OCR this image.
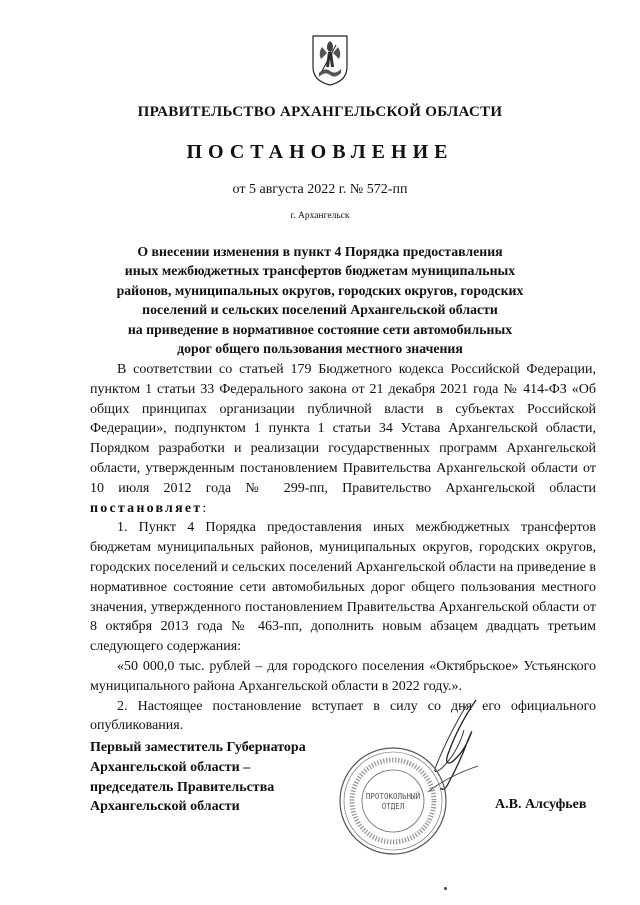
ПРАВИТЕЛЬСТВО АРХАНГЕЛЬСКОЙ ОБЛАСТИ
ПОСТАНОВЛЕНИЕ
от 5 августа 2022 г. № 572-пп
г. Архангельск
О внесении изменения в пункт 4 Порядка предоставления
иных межбюджетных трансфертов бюджетам муниципальных
районов, муниципальных округов, городских округов, городских
поселений и сельских поселений Архангельской области
на приведение в нормативное состояние сети автомобильных
дорог общего пользования местного значения

В соответствии со статьей 179 Бюджетного кодекса Российской Федерации, пунктом 1 статьи 33 Федерального закона от 21 декабря 2021 года № 414-ФЗ «Об общих принципах организации публичной власти в субъектах Российской Федерации», подпунктом 1 пункта 1 статьи 34 Устава Архангельской области, Порядком разработки и реализации государственных программ Архангельской области, утвержденным постановлением Правительства Архангельской области от 10 июля 2012 года № 299-пп, Правительство Архангельской области постановляет:

1. Пункт 4 Порядка предоставления иных межбюджетных трансфертов бюджетам муниципальных районов, муниципальных округов, городских округов, городских поселений и сельских поселений Архангельской области на приведение в нормативное состояние сети автомобильных дорог общего пользования местного значения, утвержденного постановлением Правительства Архангельской области от 8 октября 2013 года № 463-пп, дополнить новым абзацем двадцать третьим следующего содержания:

«50 000,0 тыс. рублей – для городского поселения «Октябрьское» Устьянского муниципального района Архангельской области в 2022 году.».

2. Настоящее постановление вступает в силу со дня его официального опубликования.

Первый заместитель Губернатора
Архангельской области –
председатель Правительства
Архангельской области	А.В. Алсуфьев
ПРОТОКОЛЬНЫЙ
ОТДЕЛ
